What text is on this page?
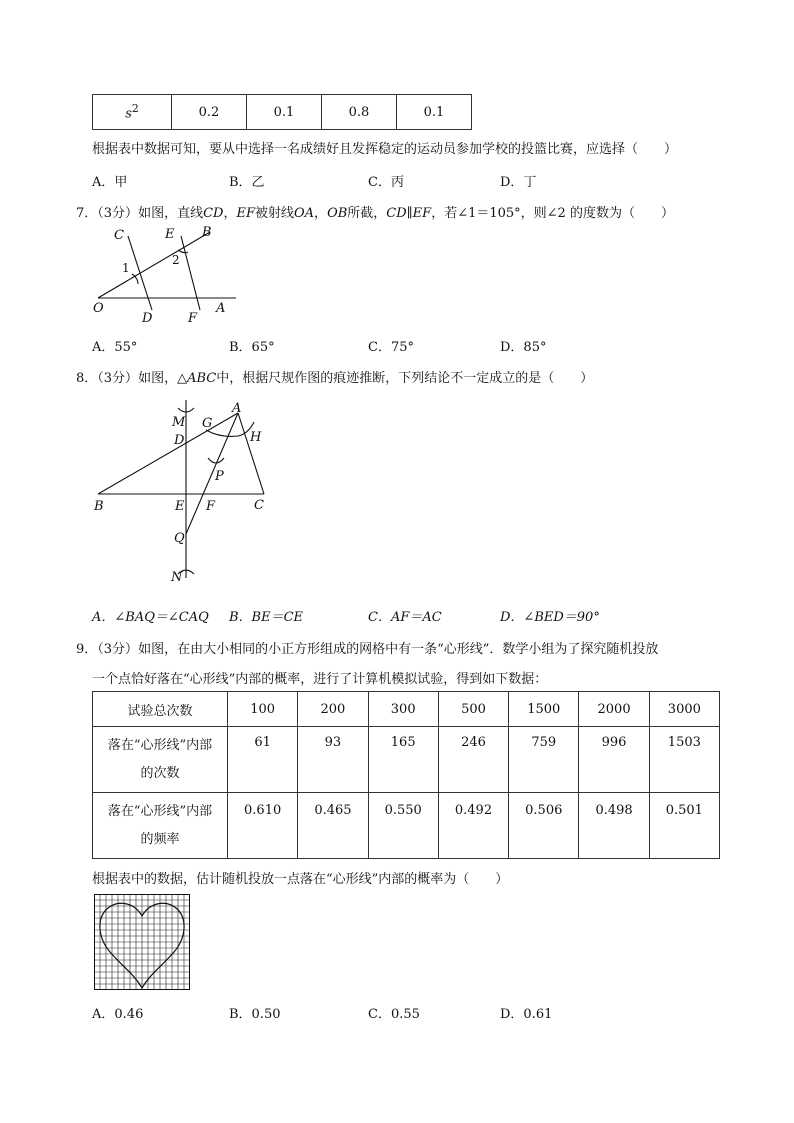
$s^2$	0.2	0.1	0.8	0.1
根据表中数据可知，要从中选择一名成绩好且发挥稳定的运动员参加学校的投篮比赛，应选择（　　）
A．甲	B．乙	C．丙	D．丁
7．（3分）如图，直线CD，EF被射线OA，OB所截，CD∥EF，若∠1＝105°，则∠2 的度数为（　　）
C	E B
O
D	F
A
1
2
A．55°	B．65°	C．75°	D．85°
8．（3分）如图，△ABC中，根据尺规作图的痕迹推断，下列结论不一定成立的是（　　）
M G
A
D	H
P
B	E F	C
Q
N
A．∠BAQ＝∠CAQ B．BE＝CE	C．AF＝AC	D．∠BED＝90°
9．（3分）如图，在由大小相同的小正方形组成的网格中有一条“心形线”．数学小组为了探究随机投放
一个点恰好落在“心形线”内部的概率，进行了计算机模拟试验，得到如下数据：
试验总次数	100	200	300	500	1500	2000	3000

落在“心形线”内部
的次数	61	93	165	246	759	996	1503

落在“心形线”内部
的频率	0.610	0.465	0.550	0.492	0.506	0.498	0.501
根据表中的数据，估计随机投放一点落在“心形线”内部的概率为（　　）
A．0.46	B．0.50	C．0.55	D．0.61
